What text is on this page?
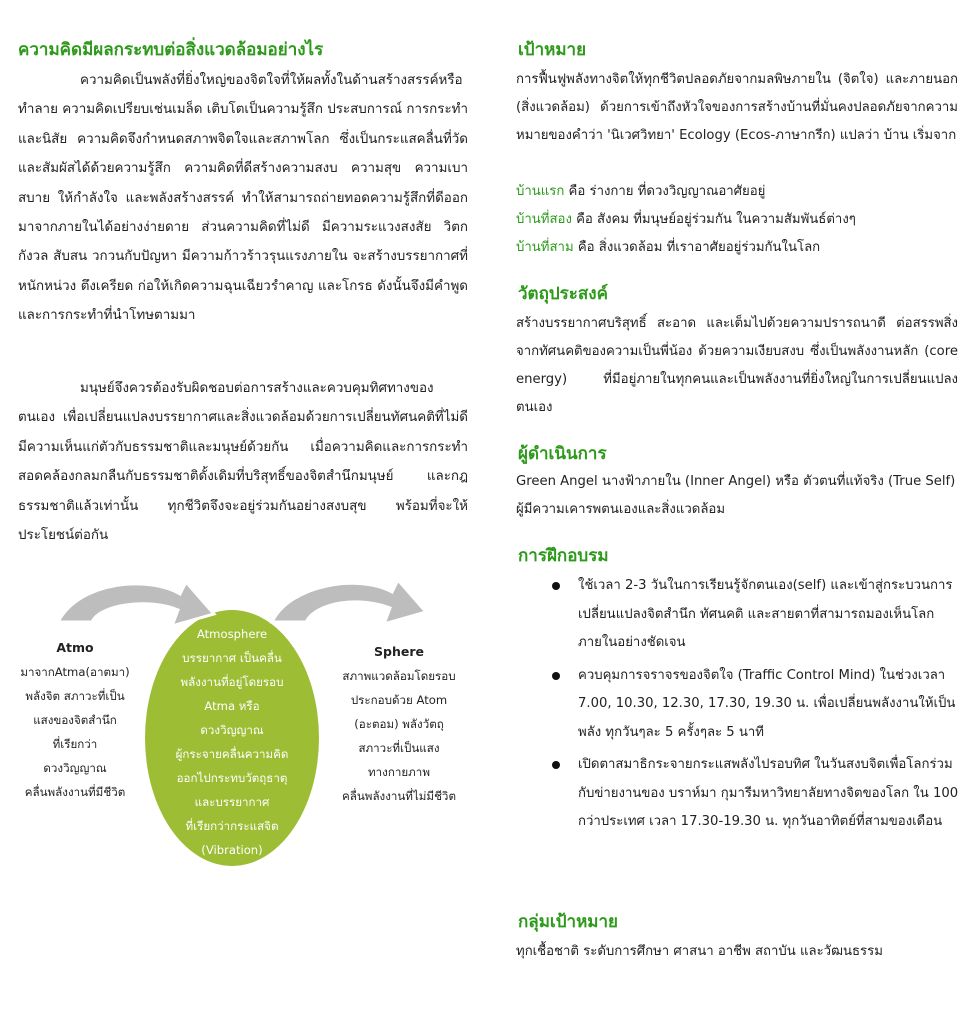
ความคิดมีผลกระทบต่อสิ่งแวดล้อมอย่างไร

ความคิดเป็นพลังที่ยิ่งใหญ่ของจิตใจที่ให้ผลทั้งในด้านสร้างสรรค์หรือทำลาย ความคิดเปรียบเช่นเมล็ด เติบโตเป็นความรู้สึก ประสบการณ์ การกระทำ และนิสัย ความคิดจึงกำหนดสภาพจิตใจและสภาพโลก ซึ่งเป็นกระแสคลื่นที่วัดและสัมผัสได้ด้วยความรู้สึก ความคิดที่ดีสร้างความสงบ ความสุข ความเบาสบาย ให้กำลังใจ และพลังสร้างสรรค์ ทำให้สามารถถ่ายทอดความรู้สึกที่ดีออกมาจากภายในได้อย่างง่ายดาย ส่วนความคิดที่ไม่ดี มีความระแวงสงสัย วิตกกังวล สับสน วกวนกับปัญหา มีความก้าวร้าวรุนแรงภายใน จะสร้างบรรยากาศที่หนักหน่วง ตึงเครียด ก่อให้เกิดความฉุนเฉียวรำคาญ และโกรธ ดังนั้นจึงมีคำพูดและการกระทำที่นำโทษตามมา

มนุษย์จึงควรต้องรับผิดชอบต่อการสร้างและควบคุมทิศทางของตนเอง เพื่อเปลี่ยนแปลงบรรยากาศและสิ่งแวดล้อมด้วยการเปลี่ยนทัศนคติที่ไม่ดี มีความเห็นแก่ตัวกับธรรมชาติและมนุษย์ด้วยกัน เมื่อความคิดและการกระทำสอดคล้องกลมกลืนกับธรรมชาติดั้งเดิมที่บริสุทธิ์ของจิตสำนึกมนุษย์ และกฎธรรมชาติแล้วเท่านั้น ทุกชีวิตจึงจะอยู่ร่วมกันอย่างสงบสุข พร้อมที่จะให้ประโยชน์ต่อกัน

Atmo
มาจากAtma(อาตมา)
พลังจิต สภาวะที่เป็น
แสงของจิตสำนึก
ที่เรียกว่า
ดวงวิญญาณ
คลื่นพลังงานที่มีชีวิต
Atmosphere
บรรยากาศ เป็นคลื่น
พลังงานที่อยู่โดยรอบ
Atma หรือ
ดวงวิญญาณ
ผู้กระจายคลื่นความคิด
ออกไปกระทบวัตถุธาตุ
และบรรยากาศ
ที่เรียกว่ากระแสจิต
(Vibration)
Sphere
สภาพแวดล้อมโดยรอบ
ประกอบด้วย Atom
(อะตอม) พลังวัตถุ
สภาวะที่เป็นแสง
ทางกายภาพ
คลื่นพลังงานที่ไม่มีชีวิต
เป้าหมาย

การฟื้นฟูพลังทางจิตให้ทุกชีวิตปลอดภัยจากมลพิษภายใน (จิตใจ) และภายนอก (สิ่งแวดล้อม) ด้วยการเข้าถึงหัวใจของการสร้างบ้านที่มั่นคงปลอดภัยจากความหมายของคำว่า 'นิเวศวิทยา' Ecology (Ecos-ภาษากรีก) แปลว่า บ้าน เริ่มจาก

บ้านแรก คือ ร่างกาย ที่ดวงวิญญาณอาศัยอยู่
บ้านที่สอง คือ สังคม ที่มนุษย์อยู่ร่วมกัน ในความสัมพันธ์ต่างๆ
บ้านที่สาม คือ สิ่งแวดล้อม ที่เราอาศัยอยู่ร่วมกันในโลก
วัตถุประสงค์

สร้างบรรยากาศบริสุทธิ์ สะอาด และเต็มไปด้วยความปรารถนาดี ต่อสรรพสิ่งจากทัศนคติของความเป็นพี่น้อง ด้วยความเงียบสงบ ซึ่งเป็นพลังงานหลัก (core energy) ที่มีอยู่ภายในทุกคนและเป็นพลังงานที่ยิ่งใหญ่ในการเปลี่ยนแปลงตนเอง

ผู้ดำเนินการ

Green Angel นางฟ้าภายใน (Inner Angel) หรือ ตัวตนที่แท้จริง (True Self) ผู้มีความเคารพตนเองและสิ่งแวดล้อม

การฝึกอบรม
ใช้เวลา 2-3 วันในการเรียนรู้จักตนเอง(self) และเข้าสู่กระบวนการเปลี่ยนแปลงจิตสำนึก ทัศนคติ และสายตาที่สามารถมองเห็นโลกภายในอย่างชัดเจน
ควบคุมการจราจรของจิตใจ (Traffic Control Mind) ในช่วงเวลา 7.00, 10.30, 12.30, 17.30, 19.30 น. เพื่อเปลี่ยนพลังงานให้เป็นพลัง ทุกวันๆละ 5 ครั้งๆละ 5 นาที
เปิดตาสมาธิกระจายกระแสพลังไปรอบทิศ ในวันสงบจิตเพื่อโลกร่วมกับข่ายงานของ บราห์มา กุมารีมหาวิทยาลัยทางจิตของโลก ใน 100 กว่าประเทศ เวลา 17.30-19.30 น. ทุกวันอาทิตย์ที่สามของเดือน
กลุ่มเป้าหมาย

ทุกเชื้อชาติ ระดับการศึกษา ศาสนา อาชีพ สถาบัน และวัฒนธรรม
